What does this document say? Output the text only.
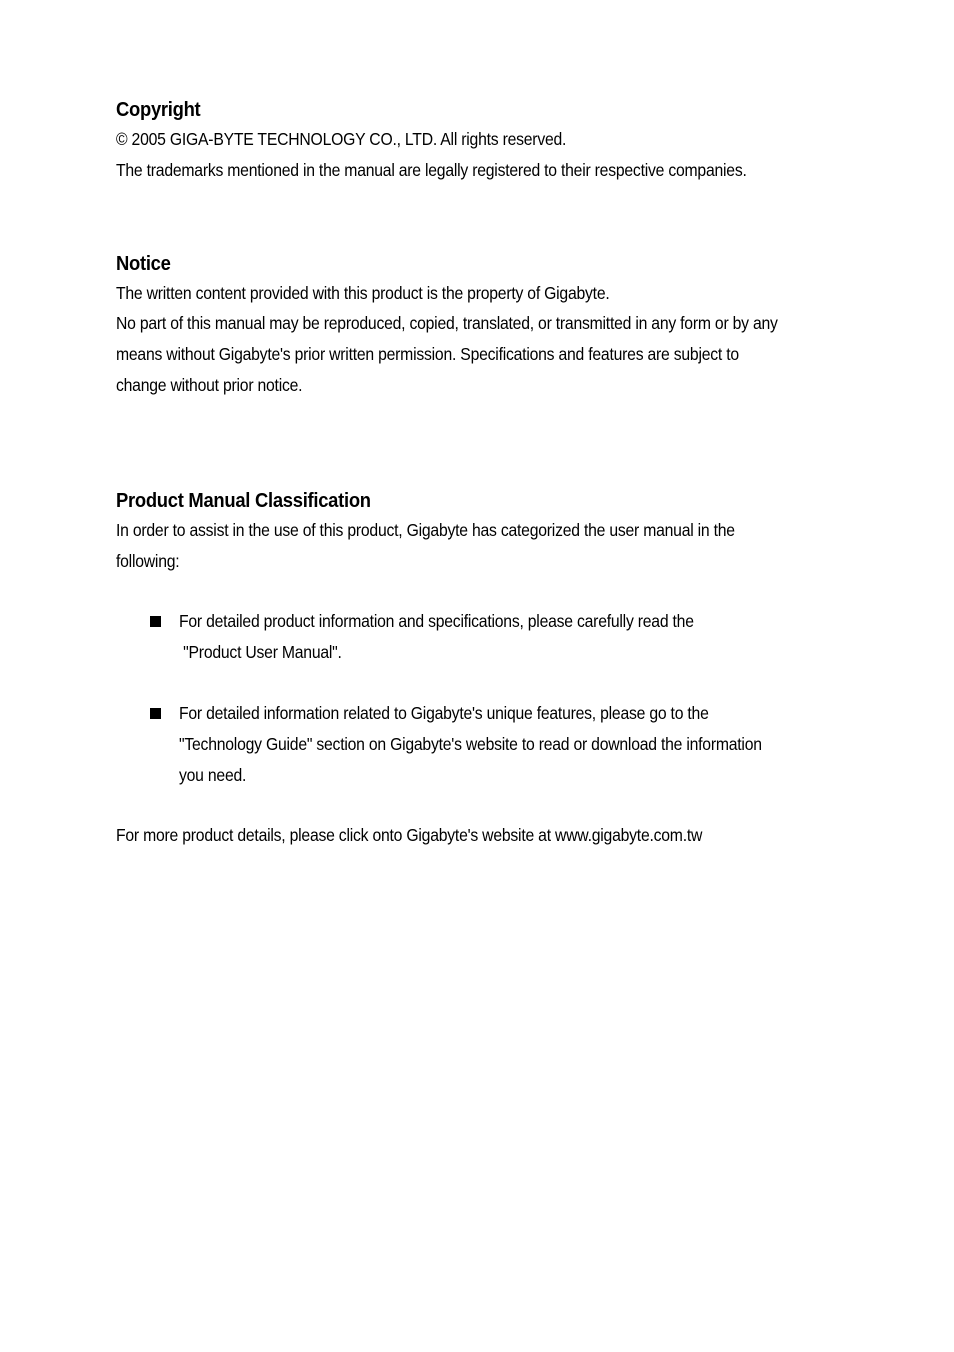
Copyright

© 2005 GIGA-BYTE TECHNOLOGY CO., LTD. All rights reserved.
The trademarks mentioned in the manual are legally registered to their respective companies.

Notice

The written content provided with this product is the property of Gigabyte.
No part of this manual may be reproduced, copied, translated, or transmitted in any form or by any
means without Gigabyte's prior written permission. Specifications and features are subject to
change without prior notice.

Product Manual Classification

In order to assist in the use of this product, Gigabyte has categorized the user manual in the
following:

For detailed product information and specifications, please carefully read the
"Product User Manual".

For detailed information related to Gigabyte's unique features, please go to the
"Technology Guide" section on Gigabyte's website to read or download the information
you need.

For more product details, please click onto Gigabyte's website at www.gigabyte.com.tw
